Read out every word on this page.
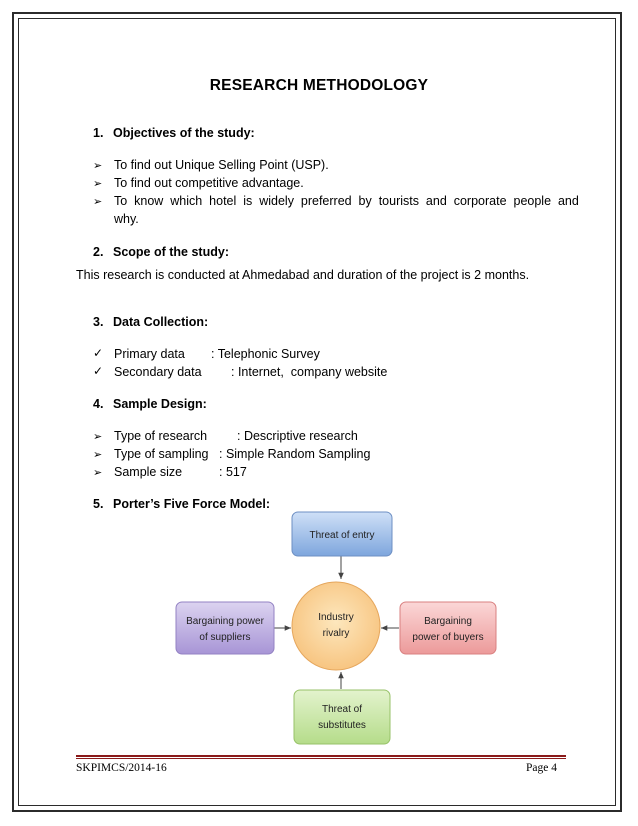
RESEARCH METHODOLOGY
1. Objectives of the study:
➢ To find out Unique Selling Point (USP).
➢ To find out competitive advantage.
➢ To  know  which  hotel  is  widely  preferred  by  tourists  and  corporate  people  and
why.
2. Scope of the study:
This research is conducted at Ahmedabad and duration of the project is 2 months.
3. Data Collection:
✓ Primary data : Telephonic Survey
✓ Secondary data : Internet,  company website
4. Sample Design:
➢ Type of research : Descriptive research
➢ Type of sampling : Simple Random Sampling
➢ Sample size	: 517
5. Porter’s Five Force Model:
Threat of entry
Bargaining power
of suppliers
Industry
rivalry
Bargaining
power of buyers
Threat of
substitutes
SKPIMCS/2014-16	Page 4
